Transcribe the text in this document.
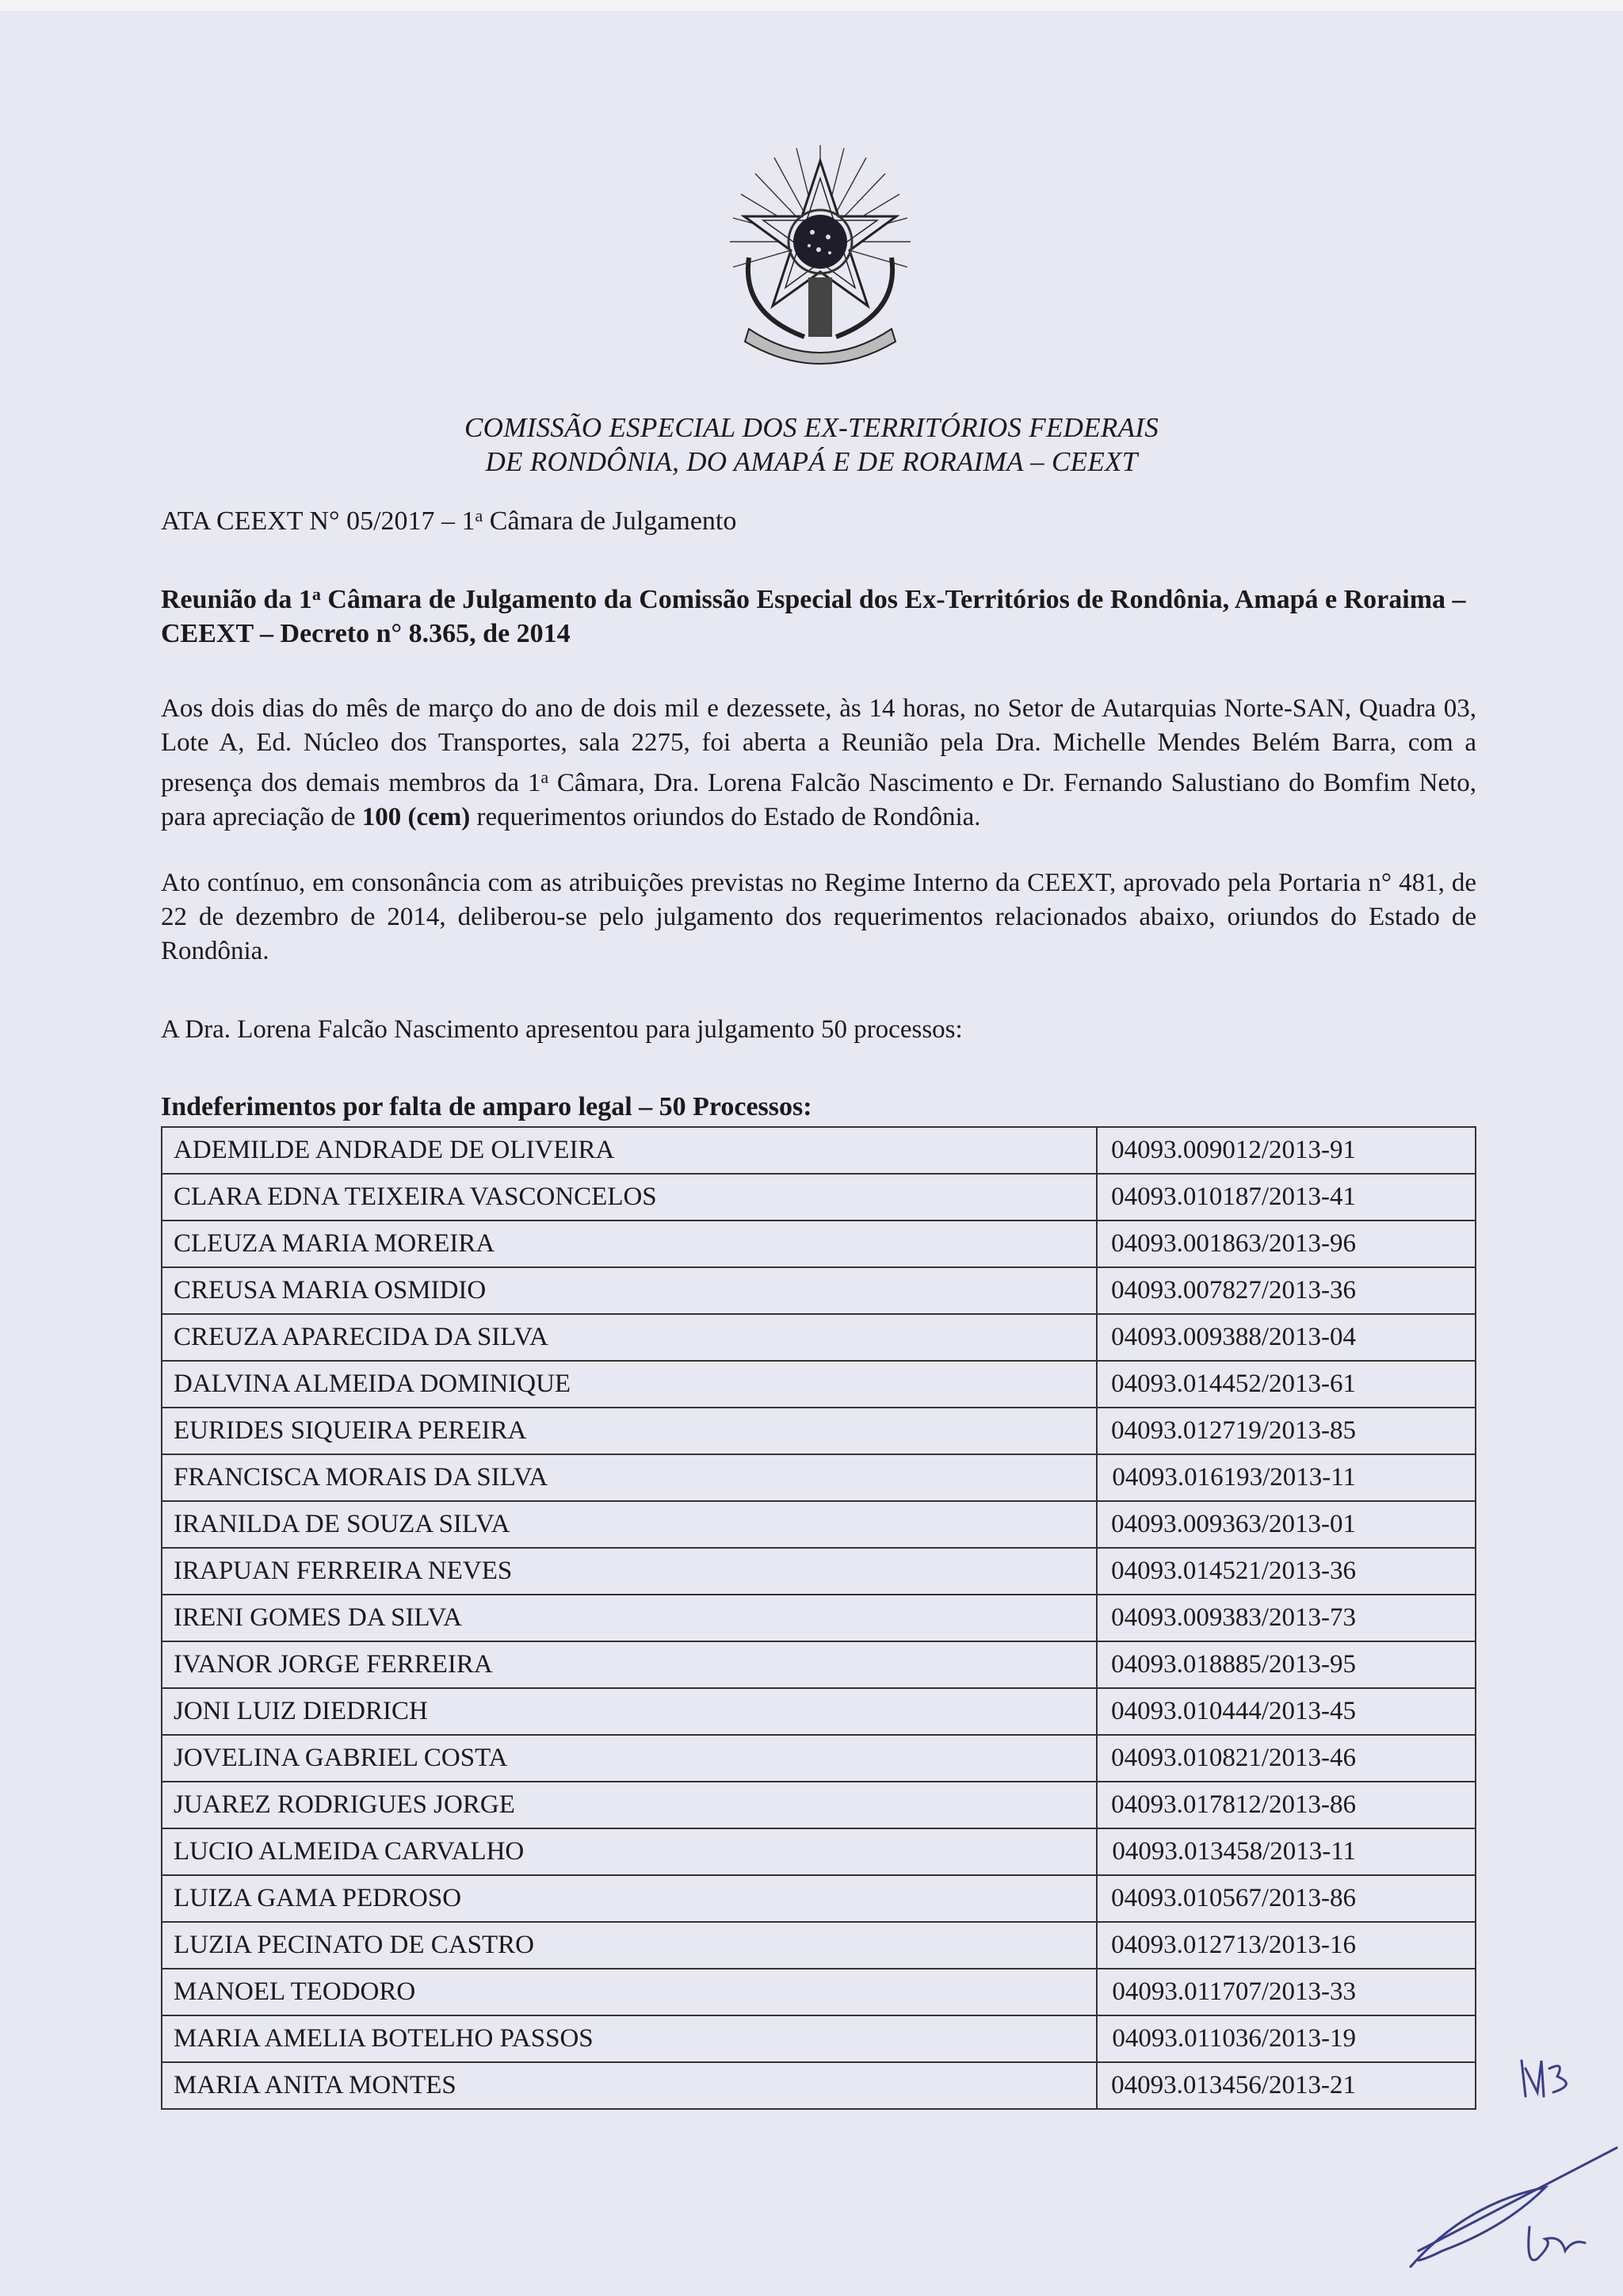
COMISSÃO ESPECIAL DOS EX-TERRITÓRIOS FEDERAIS
DE RONDÔNIA, DO AMAPÁ E DE RORAIMA – CEEXT
ATA CEEXT N° 05/2017 – 1$^a$ Câmara de Julgamento
Reunião da 1$^a$ Câmara de Julgamento da Comissão Especial dos Ex-Territórios de Rondônia, Amapá e Roraima – CEEXT – Decreto n° 8.365, de 2014
Aos dois dias do mês de março do ano de dois mil e dezessete, às 14 horas, no Setor de Autarquias Norte-SAN, Quadra 03, Lote A, Ed. Núcleo dos Transportes, sala 2275, foi aberta a Reunião pela Dra. Michelle Mendes Belém Barra, com a presença dos demais membros da 1$^a$ Câmara, Dra. Lorena Falcão Nascimento e Dr. Fernando Salustiano do Bomfim Neto, para apreciação de 100 (cem) requerimentos oriundos do Estado de Rondônia.
Ato contínuo, em consonância com as atribuições previstas no Regime Interno da CEEXT, aprovado pela Portaria n° 481, de 22 de dezembro de 2014, deliberou-se pelo julgamento dos requerimentos relacionados abaixo, oriundos do Estado de Rondônia.
A Dra. Lorena Falcão Nascimento apresentou para julgamento 50 processos:
Indeferimentos por falta de amparo legal – 50 Processos:
ADEMILDE ANDRADE DE OLIVEIRA	04093.009012/2013-91
CLARA EDNA TEIXEIRA VASCONCELOS	04093.010187/2013-41
CLEUZA MARIA MOREIRA	04093.001863/2013-96
CREUSA MARIA OSMIDIO	04093.007827/2013-36
CREUZA APARECIDA DA SILVA	04093.009388/2013-04
DALVINA ALMEIDA DOMINIQUE	04093.014452/2013-61
EURIDES SIQUEIRA PEREIRA	04093.012719/2013-85
FRANCISCA MORAIS DA SILVA	04093.016193/2013-11
IRANILDA DE SOUZA SILVA	04093.009363/2013-01
IRAPUAN FERREIRA NEVES	04093.014521/2013-36
IRENI GOMES DA SILVA	04093.009383/2013-73
IVANOR JORGE FERREIRA	04093.018885/2013-95
JONI LUIZ DIEDRICH	04093.010444/2013-45
JOVELINA GABRIEL COSTA	04093.010821/2013-46
JUAREZ RODRIGUES JORGE	04093.017812/2013-86
LUCIO ALMEIDA CARVALHO	04093.013458/2013-11
LUIZA GAMA PEDROSO	04093.010567/2013-86
LUZIA PECINATO DE CASTRO	04093.012713/2013-16
MANOEL TEODORO	04093.011707/2013-33
MARIA AMELIA BOTELHO PASSOS	04093.011036/2013-19
MARIA ANITA MONTES	04093.013456/2013-21
